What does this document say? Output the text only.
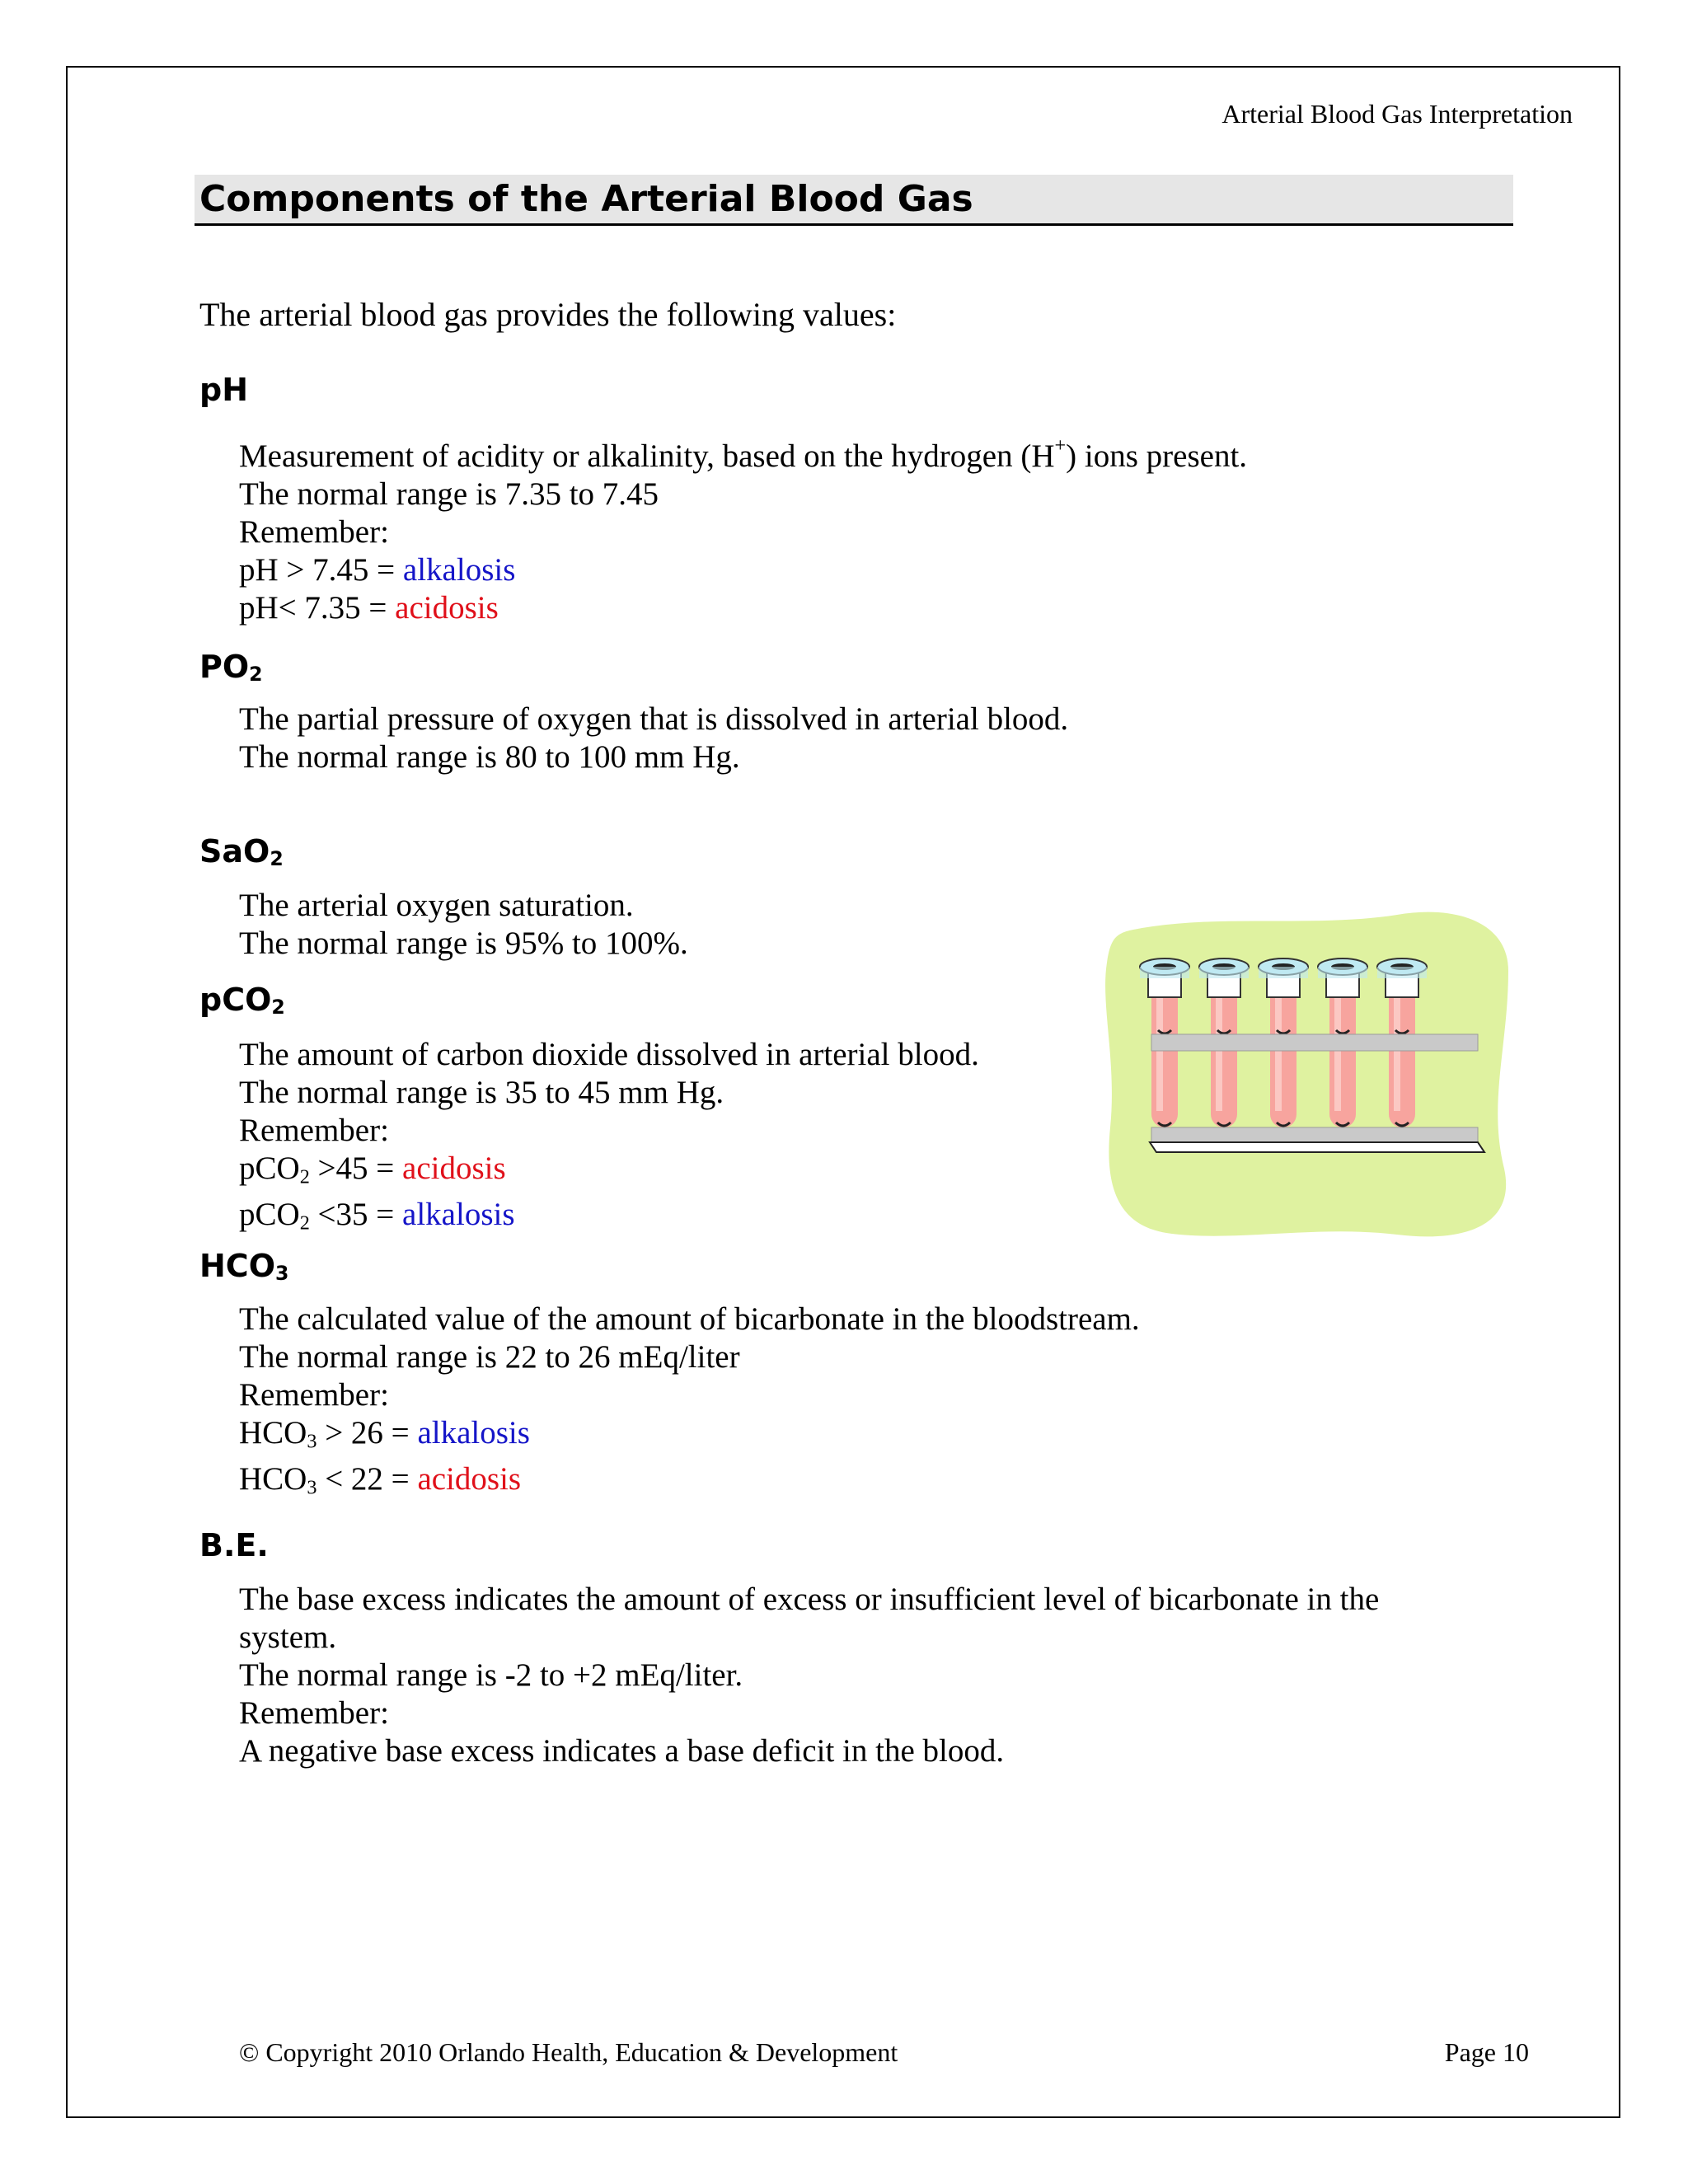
Arterial Blood Gas Interpretation
Components of the Arterial Blood Gas

The arterial blood gas provides the following values:

pH
Measurement of acidity or alkalinity, based on the hydrogen (H+) ions present.
The normal range is 7.35 to 7.45
Remember:
pH > 7.45 = alkalosis
pH< 7.35 = acidosis
$PO_2$
The partial pressure of oxygen that is dissolved in arterial blood.
The normal range is 80 to 100 mm Hg.
SaO$_2$
The arterial oxygen saturation.
The normal range is 95% to 100%.
pCO$_2$
The amount of carbon dioxide dissolved in arterial blood.
The normal range is 35 to 45 mm Hg.
Remember:
pCO$_2$ >45 = acidosis
pCO$_2$ <35 = alkalosis
$HCO_3$
The calculated value of the amount of bicarbonate in the bloodstream.
The normal range is 22 to 26 mEq/liter
Remember:
$HCO_3 > 26$ = alkalosis
$HCO_3 < 22$ = acidosis
B.E.
The base excess indicates the amount of excess or insufficient level of bicarbonate in the
system.
The normal range is -2 to +2 mEq/liter.
Remember:
A negative base excess indicates a base deficit in the blood.
© Copyright 2010 Orlando Health, Education & Development	Page 10
